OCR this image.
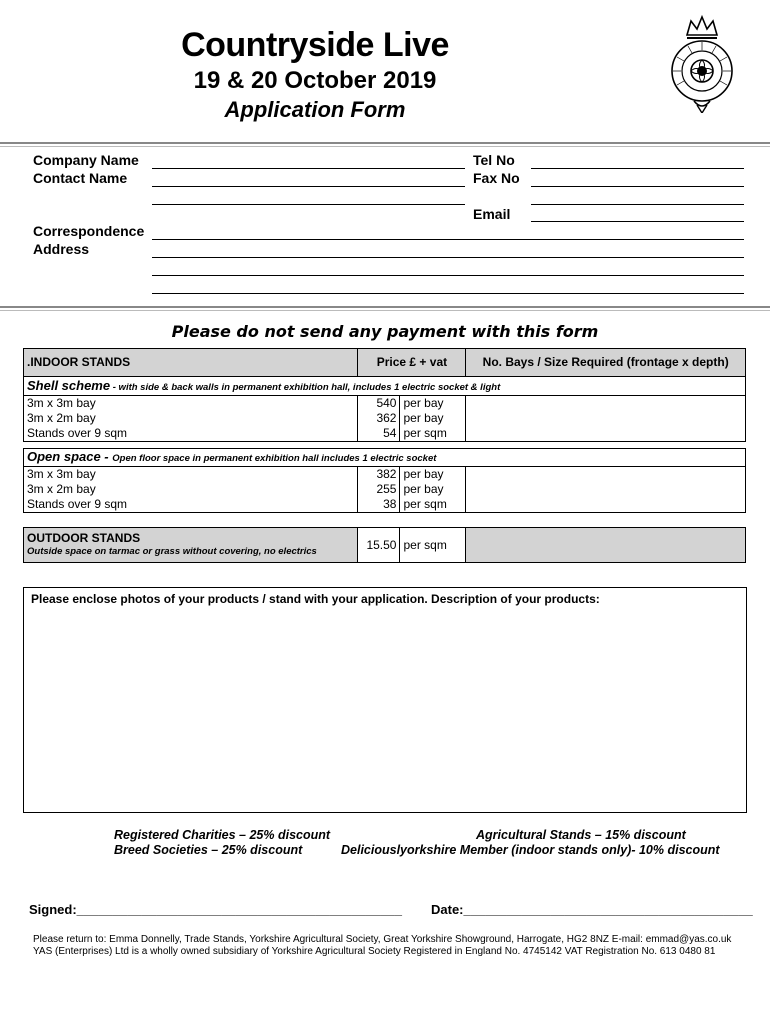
Countryside Live
19 & 20 October 2019
Application Form
Company Name
Contact Name
Tel No
Fax No
Email
Correspondence
Address
Please do not send any payment with this form
.INDOOR STANDS	Price £ + vat		No. Bays / Size Required (frontage x depth)
Shell scheme - with side & back walls in permanent exhibition hall, includes 1 electric socket & light			
3m x 3m bay	540	per bay	
3m x 2m bay	362	per bay	
Stands over 9 sqm	54	per sqm	

Open space - Open floor space in permanent exhibition hall includes 1 electric socket			
3m x 3m bay	382	per bay	
3m x 2m bay	255	per bay	
Stands over 9 sqm	38	per sqm	

OUTDOOR STANDS
Outside space on tarmac or grass without covering, no electrics	15.50	per sqm	
Please enclose photos of your products / stand with your application. Description of your products:
Registered Charities – 25% discount
Breed Societies – 25% discount
Agricultural Stands – 15% discount
Deliciouslyorkshire Member (indoor stands only)- 10% discount
Signed:_____________________________________________ Date:________________________________________
Please return to: Emma Donnelly, Trade Stands, Yorkshire Agricultural Society, Great Yorkshire Showground, Harrogate, HG2 8NZ E-mail: emmad@yas.co.uk
YAS (Enterprises) Ltd is a wholly owned subsidiary of Yorkshire Agricultural Society Registered in England No. 4745142 VAT Registration No. 613 0480 81
